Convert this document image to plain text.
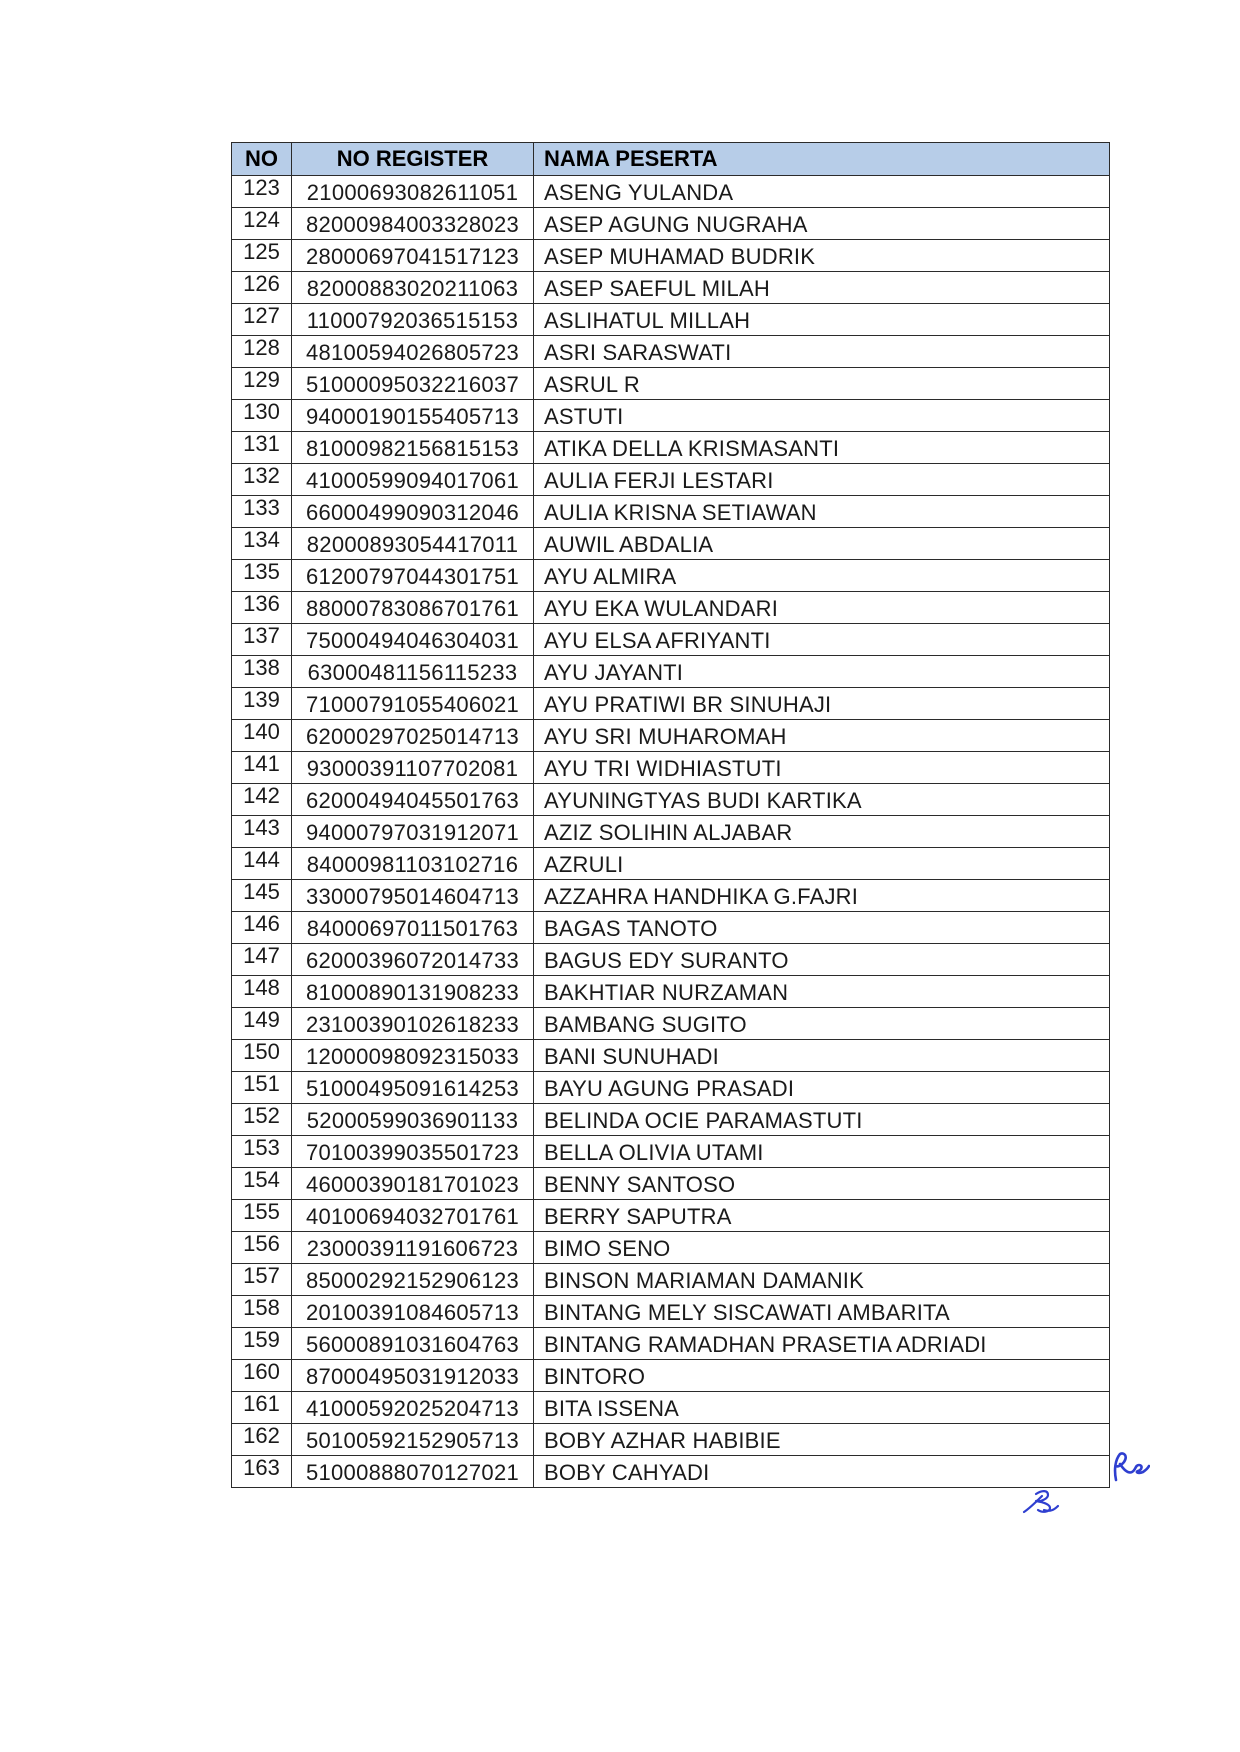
NO	NO REGISTER	NAMA PESERTA
123	21000693082611051	ASENG YULANDA
124	82000984003328023	ASEP AGUNG NUGRAHA
125	28000697041517123	ASEP MUHAMAD BUDRIK
126	82000883020211063	ASEP SAEFUL MILAH
127	11000792036515153	ASLIHATUL MILLAH
128	48100594026805723	ASRI SARASWATI
129	51000095032216037	ASRUL R
130	94000190155405713	ASTUTI
131	81000982156815153	ATIKA DELLA KRISMASANTI
132	41000599094017061	AULIA FERJI LESTARI
133	66000499090312046	AULIA KRISNA SETIAWAN
134	82000893054417011	AUWIL ABDALIA
135	61200797044301751	AYU ALMIRA
136	88000783086701761	AYU EKA WULANDARI
137	75000494046304031	AYU ELSA AFRIYANTI
138	63000481156115233	AYU JAYANTI
139	71000791055406021	AYU PRATIWI BR SINUHAJI
140	62000297025014713	AYU SRI MUHAROMAH
141	93000391107702081	AYU TRI WIDHIASTUTI
142	62000494045501763	AYUNINGTYAS BUDI KARTIKA
143	94000797031912071	AZIZ SOLIHIN ALJABAR
144	84000981103102716	AZRULI
145	33000795014604713	AZZAHRA HANDHIKA G.FAJRI
146	84000697011501763	BAGAS TANOTO
147	62000396072014733	BAGUS EDY SURANTO
148	81000890131908233	BAKHTIAR NURZAMAN
149	23100390102618233	BAMBANG SUGITO
150	12000098092315033	BANI SUNUHADI
151	51000495091614253	BAYU AGUNG PRASADI
152	52000599036901133	BELINDA OCIE PARAMASTUTI
153	70100399035501723	BELLA OLIVIA UTAMI
154	46000390181701023	BENNY SANTOSO
155	40100694032701761	BERRY SAPUTRA
156	23000391191606723	BIMO SENO
157	85000292152906123	BINSON MARIAMAN DAMANIK
158	20100391084605713	BINTANG MELY SISCAWATI AMBARITA
159	56000891031604763	BINTANG RAMADHAN PRASETIA ADRIADI
160	87000495031912033	BINTORO
161	41000592025204713	BITA ISSENA
162	50100592152905713	BOBY AZHAR HABIBIE
163	51000888070127021	BOBY CAHYADI
